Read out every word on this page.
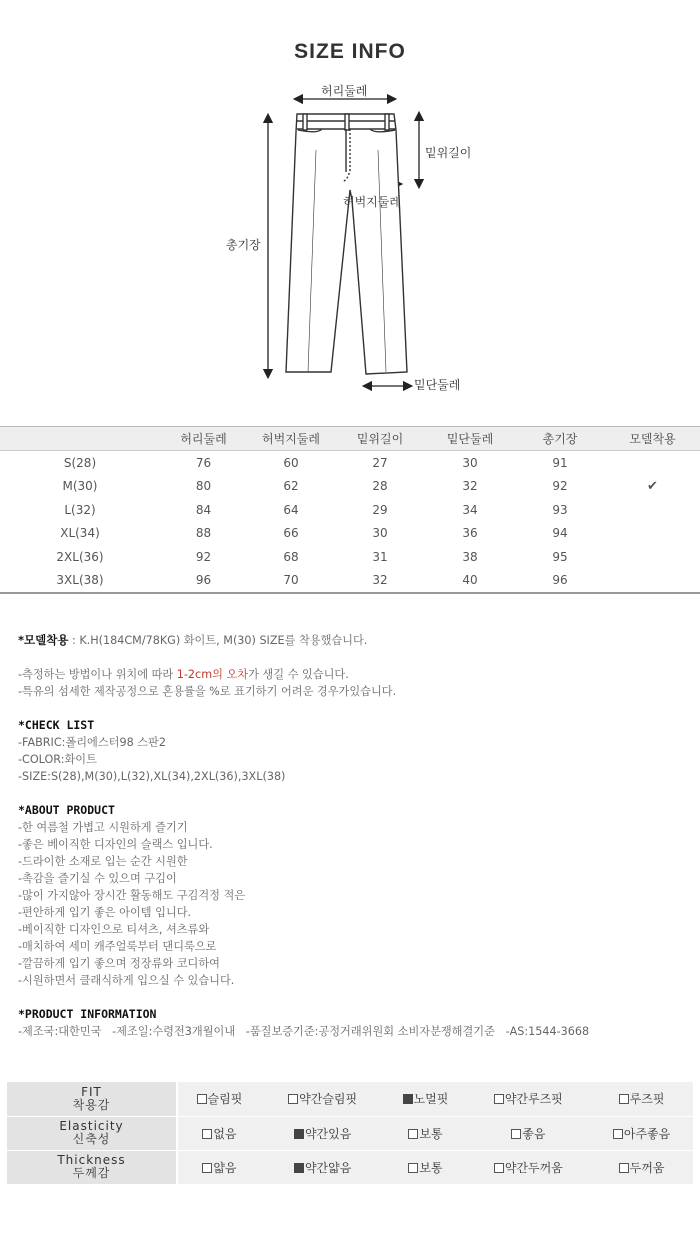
SIZE INFO
허리둘레
밑위길이
허벅지둘레
총기장
밑단둘레
	허리둘레	허벅지둘레	밑위길이	밑단둘레	총기장	모델착용
S(28)	76	60	27	30	91	
M(30)	80	62	28	32	92	✔
L(32)	84	64	29	34	93	
XL(34)	88	66	30	36	94	
2XL(36)	92	68	31	38	95	
3XL(38)	96	70	32	40	96	
*모델착용 : K.H(184CM/78KG) 화이트, M(30) SIZE를 착용했습니다.
-측정하는 방법이나 위치에 따라 1-2cm의 오차가 생길 수 있습니다.
-특유의 섬세한 제작공정으로 혼용률을 %로 표기하기 어려운 경우가있습니다.
*CHECK LIST
-FABRIC:폴리에스터98 스판2
-COLOR:화이트
-SIZE:S(28),M(30),L(32),XL(34),2XL(36),3XL(38)
*ABOUT PRODUCT
-한 여름철 가볍고 시원하게 즐기기
-좋은 베이직한 디자인의 슬랙스 입니다.
-드라이한 소재로 입는 순간 시원한
-촉감을 즐기실 수 있으며 구김이
-많이 가지않아 장시간 활동해도 구김걱정 적은
-편안하게 입기 좋은 아이템 입니다.
-베이직한 디자인으로 티셔츠, 셔츠류와
-매치하여 세미 캐주얼룩부터 댄디룩으로
-깔끔하게 입기 좋으며 정장류와 코디하여
-시원하면서 클래식하게 입으실 수 있습니다.
*PRODUCT INFORMATION
-제조국:대한민국   -제조일:수령전3개월이내   -품질보증기준:공정거래위원회 소비자분쟁해결기준   -AS:1544-3668
FIT
착용감	슬림핏	약간슬림핏	노멀핏	약간루즈핏	루즈핏

Elasticity
신축성	없음	약간있음	보통	좋음	아주좋음

Thickness
두께감	얇음	약간얇음	보통	약간두꺼움	두꺼움
